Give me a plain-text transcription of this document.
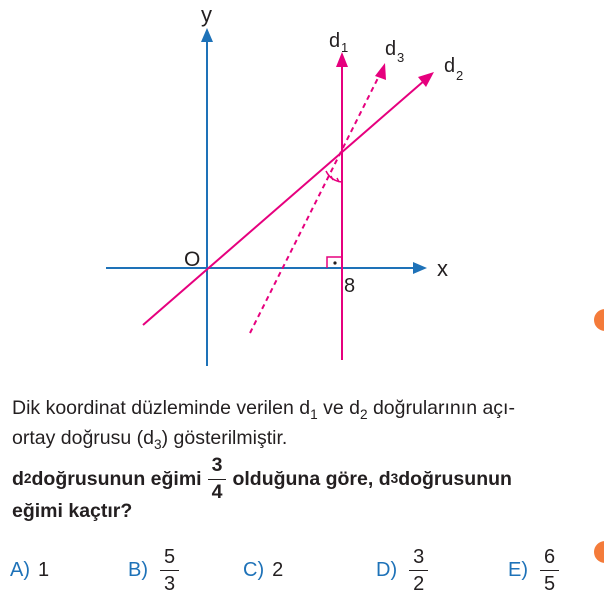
y
x
O
8
d 1
d 2
d 3
Dik koordinat düzleminde verilen $d_1$ ve $d_2$ doğrularının açı-
ortay doğrusu $(d_3)$ gösterilmiştir.
d 2 doğrusunun eğimi $\frac{3}{4}$ olduğuna göre, d 3 doğrusunun
eğimi kaçtır?
A) 1	$B) \frac{5}{3}$	C) 2	$D) \frac{3}{2}$	$E) \frac{6}{5}$
